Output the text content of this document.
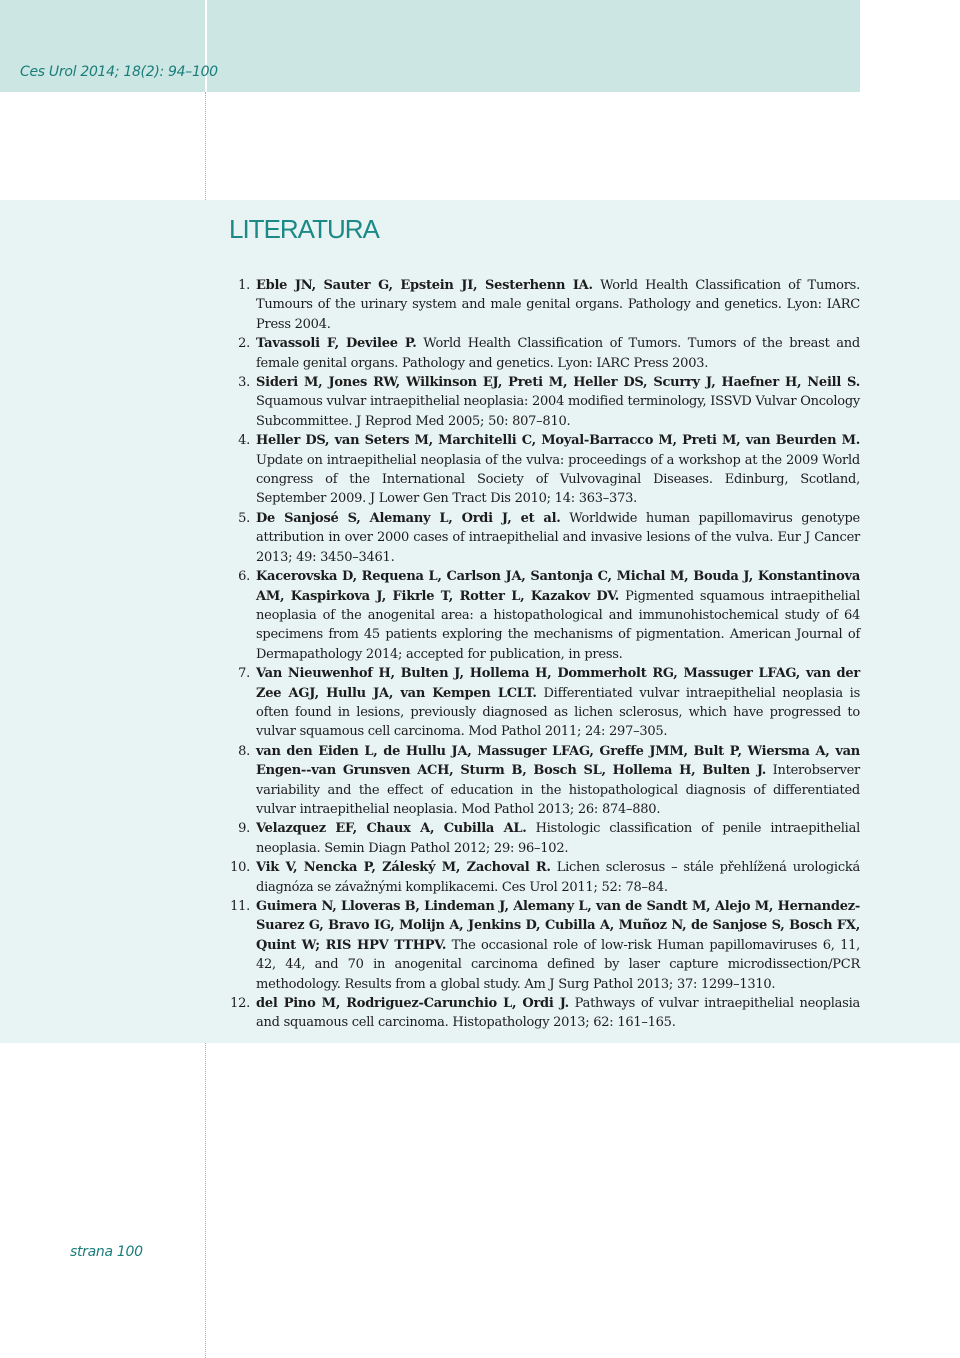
Ces Urol 2014; 18(2): 94–100

LITERATURA
1. Eble JN, Sauter G, Epstein JI, Sesterhenn IA. World Health Classification of Tumors. Tumours of the urinary system and male genital organs. Pathology and genetics. Lyon: IARC Press 2004.
2. Tavassoli F, Devilee P. World Health Classification of Tumors. Tumors of the breast and female genital organs. Pathology and genetics. Lyon: IARC Press 2003.
3. Sideri M, Jones RW, Wilkinson EJ, Preti M, Heller DS, Scurry J, Haefner H, Neill S. Squamous vulvar intraepithelial neoplasia: 2004 modified terminology, ISSVD Vulvar Oncology Subcommittee. J Reprod Med 2005; 50: 807–810.
4. Heller DS, van Seters M, Marchitelli C, Moyal-Barracco M, Preti M, van Beurden M. Update on intraepithelial neoplasia of the vulva: proceedings of a workshop at the 2009 World congress of the International Society of Vulvovaginal Diseases. Edinburg, Scotland, September 2009. J Lower Gen Tract Dis 2010; 14: 363–373.
5. De Sanjosé S, Alemany L, Ordi J, et al. Worldwide human papillomavirus genotype attribution in over 2000 cases of intraepithelial and invasive lesions of the vulva. Eur J Cancer 2013; 49: 3450–3461.
6. Kacerovska D, Requena L, Carlson JA, Santonja C, Michal M, Bouda J, Konstantinova AM, Kaspirkova J, Fikrle T, Rotter L, Kazakov DV. Pigmented squamous intraepithelial neoplasia of the anogenital area: a histopathological and immunohistochemical study of 64 specimens from 45 patients exploring the mechanisms of pigmentation. American Journal of Dermapathology 2014; accepted for publication, in press.
7. Van Nieuwenhof H, Bulten J, Hollema H, Dommerholt RG, Massuger LFAG, van der Zee AGJ, Hullu JA, van Kempen LCLT. Differentiated vulvar intraepithelial neoplasia is often found in lesions, previously diagnosed as lichen sclerosus, which have progressed to vulvar squamous cell carcinoma. Mod Pathol 2011; 24: 297–305.
8. van den Eiden L, de Hullu JA, Massuger LFAG, Greffe JMM, Bult P, Wiersma A, van Engen--van Grunsven ACH, Sturm B, Bosch SL, Hollema H, Bulten J. Interobserver variability and the effect of education in the histopathological diagnosis of differentiated vulvar intraepithelial neoplasia. Mod Pathol 2013; 26: 874–880.
9. Velazquez EF, Chaux A, Cubilla AL. Histologic classification of penile intraepithelial neoplasia. Semin Diagn Pathol 2012; 29: 96–102.
10. Vik V, Nencka P, Záleský M, Zachoval R. Lichen sclerosus – stále přehlížená urologická diagnóza se závažnými komplikacemi. Ces Urol 2011; 52: 78–84.
11. Guimera N, Lloveras B, Lindeman J, Alemany L, van de Sandt M, Alejo M, Hernandez-Suarez G, Bravo IG, Molijn A, Jenkins D, Cubilla A, Muñoz N, de Sanjose S, Bosch FX, Quint W; RIS HPV TTHPV. The occasional role of low-risk Human papillomaviruses 6, 11, 42, 44, and 70 in anogenital carcinoma defined by laser capture microdissection/PCR methodology. Results from a global study. Am J Surg Pathol 2013; 37: 1299–1310.
12. del Pino M, Rodriguez-Carunchio L, Ordi J. Pathways of vulvar intraepithelial neoplasia and squamous cell carcinoma. Histopathology 2013; 62: 161–165.

strana 100
